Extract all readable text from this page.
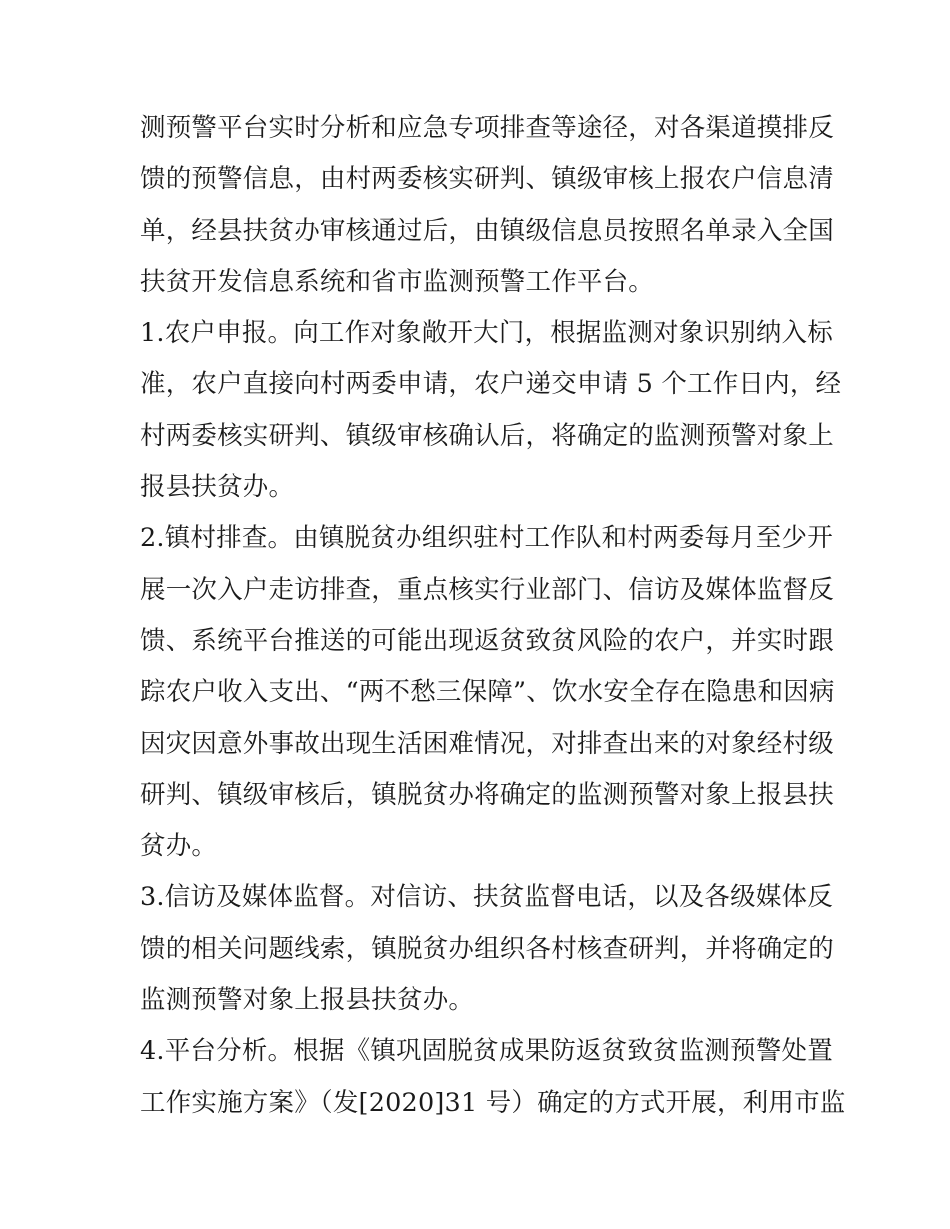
测预警平台实时分析和应急专项排查等途径，对各渠道摸排反
馈的预警信息，由村两委核实研判、镇级审核上报农户信息清
单，经县扶贫办审核通过后，由镇级信息员按照名单录入全国
扶贫开发信息系统和省市监测预警工作平台。
1.农户申报。向工作对象敞开大门，根据监测对象识别纳入标
准，农户直接向村两委申请，农户递交申请 5 个工作日内，经
村两委核实研判、镇级审核确认后，将确定的监测预警对象上
报县扶贫办。
2.镇村排查。由镇脱贫办组织驻村工作队和村两委每月至少开
展一次入户走访排查，重点核实行业部门、信访及媒体监督反
馈、系统平台推送的可能出现返贫致贫风险的农户，并实时跟
踪农户收入支出、“两不愁三保障”、饮水安全存在隐患和因病
因灾因意外事故出现生活困难情况，对排查出来的对象经村级
研判、镇级审核后，镇脱贫办将确定的监测预警对象上报县扶
贫办。
3.信访及媒体监督。对信访、扶贫监督电话，以及各级媒体反
馈的相关问题线索，镇脱贫办组织各村核查研判，并将确定的
监测预警对象上报县扶贫办。
4.平台分析。根据《镇巩固脱贫成果防返贫致贫监测预警处置
工作实施方案》（发[2020]31 号）确定的方式开展，利用市监
